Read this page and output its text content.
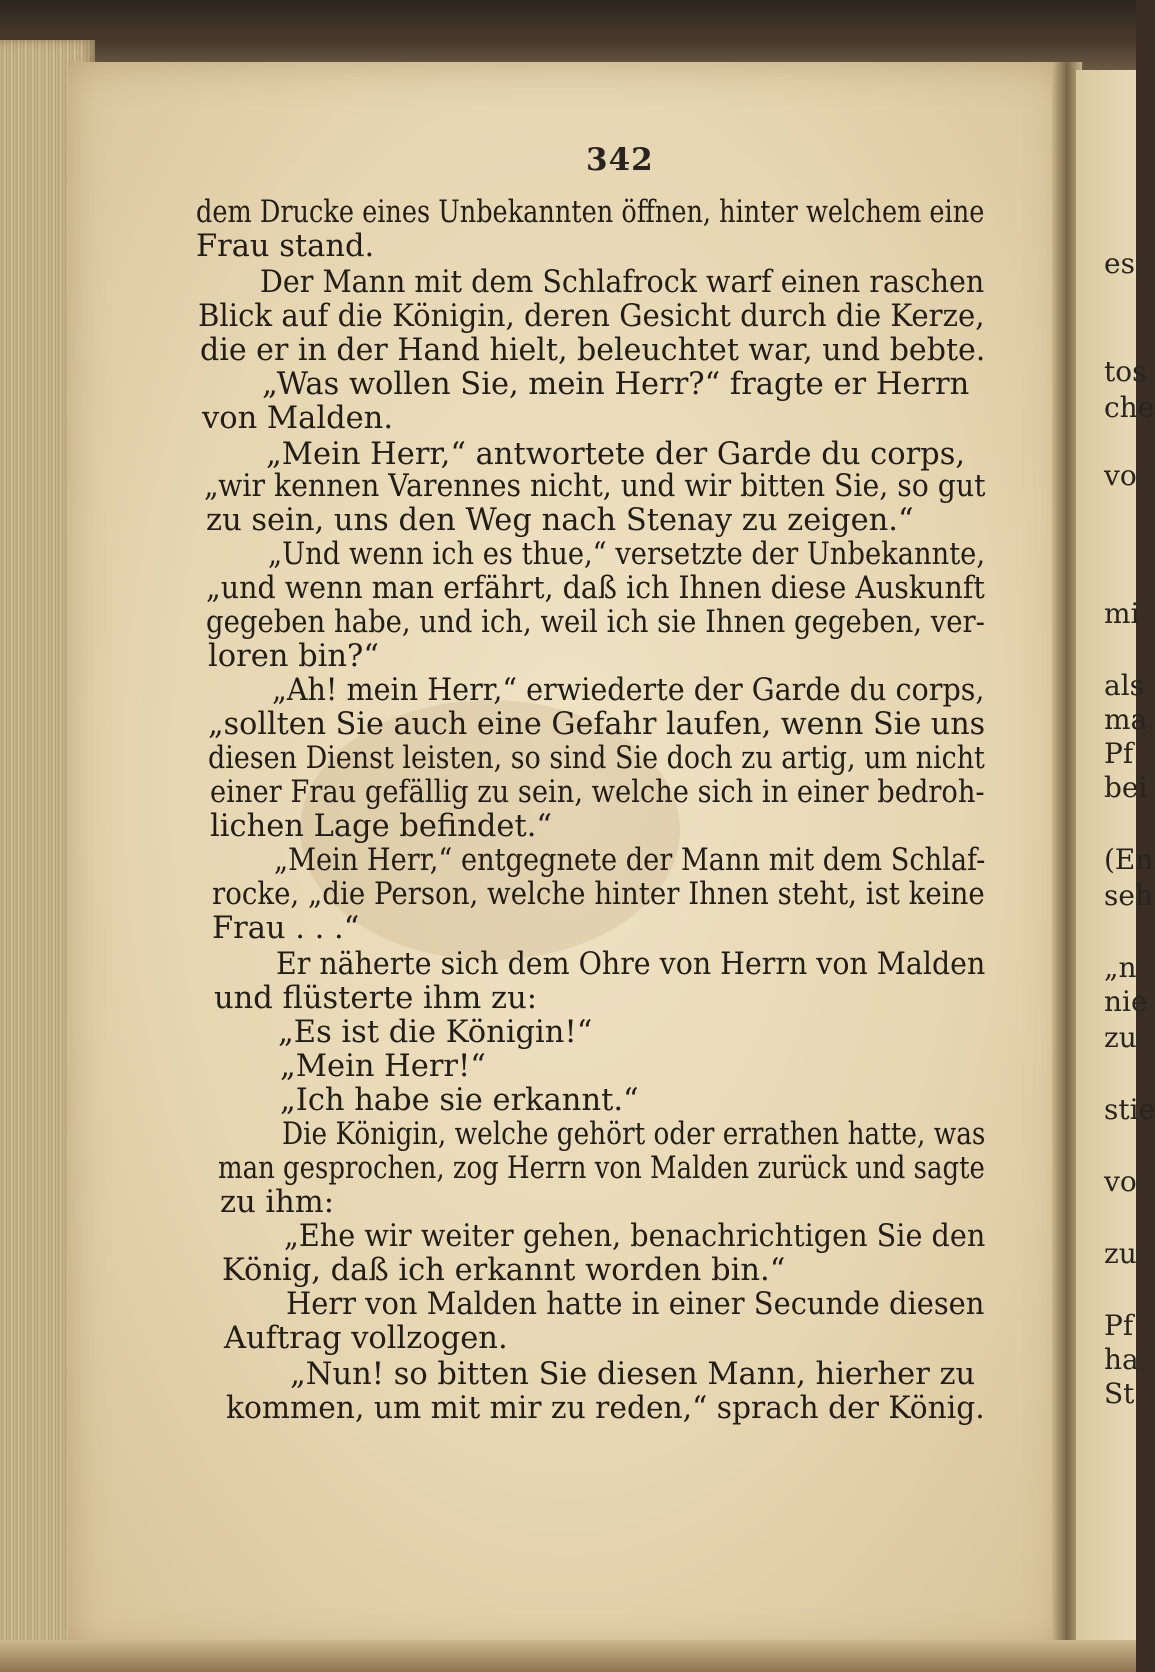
342
dem Drucke eines Unbekannten öffnen, hinter welchem eine
Frau stand.
Der Mann mit dem Schlafrock warf einen raschen
Blick auf die Königin, deren Gesicht durch die Kerze,
die er in der Hand hielt, beleuchtet war, und bebte.
„Was wollen Sie, mein Herr?“ fragte er Herrn
von Malden.
„Mein Herr,“ antwortete der Garde du corps,
„wir kennen Varennes nicht, und wir bitten Sie, so gut
zu sein, uns den Weg nach Stenay zu zeigen.“
„Und wenn ich es thue,“ versetzte der Unbekannte,
„und wenn man erfährt, daß ich Ihnen diese Auskunft
gegeben habe, und ich, weil ich sie Ihnen gegeben, ver-
loren bin?“
„Ah! mein Herr,“ erwiederte der Garde du corps,
„sollten Sie auch eine Gefahr laufen, wenn Sie uns
diesen Dienst leisten, so sind Sie doch zu artig, um nicht
einer Frau gefällig zu sein, welche sich in einer bedroh-
lichen Lage befindet.“
„Mein Herr,“ entgegnete der Mann mit dem Schlaf-
rocke, „die Person, welche hinter Ihnen steht, ist keine
Frau . . .“
Er näherte sich dem Ohre von Herrn von Malden
und flüsterte ihm zu:
„Es ist die Königin!“
„Mein Herr!“
„Ich habe sie erkannt.“
Die Königin, welche gehört oder errathen hatte, was
man gesprochen, zog Herrn von Malden zurück und sagte
zu ihm:
„Ehe wir weiter gehen, benachrichtigen Sie den
König, daß ich erkannt worden bin.“
Herr von Malden hatte in einer Secunde diesen
Auftrag vollzogen.
„Nun! so bitten Sie diesen Mann, hierher zu
kommen, um mit mir zu reden,“ sprach der König.
es
tos
che
vo
mi
als
ma
Pf
bei
(En
seh
„n
nie
zu
stie
vo
zu
Pf
ha
St
